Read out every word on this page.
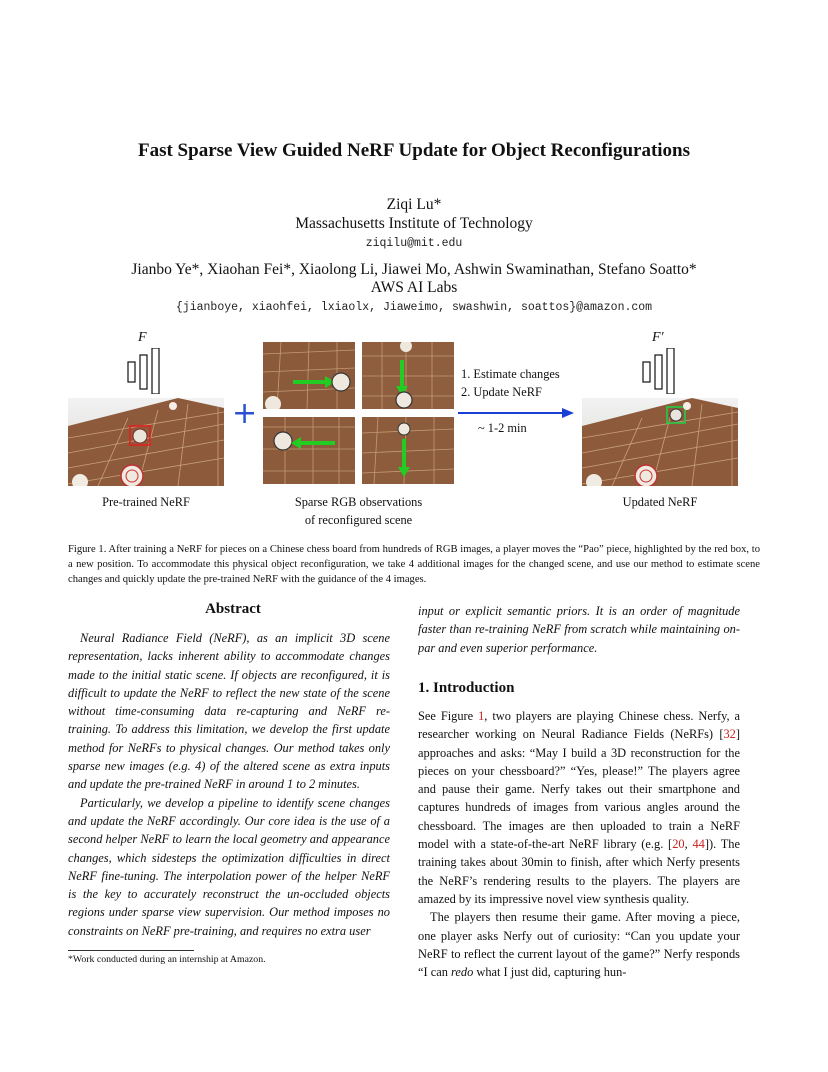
Fast Sparse View Guided NeRF Update for Object Reconfigurations
Ziqi Lu*
Massachusetts Institute of Technology
ziqilu@mit.edu
Jianbo Ye*, Xiaohan Fei*, Xiaolong Li, Jiawei Mo, Ashwin Swaminathan, Stefano Soatto*
AWS AI Labs
{jianboye, xiaohfei, lxiaolx, Jiaweimo, swashwin, soattos}@amazon.com
F
+
1. Estimate changes
2. Update NeRF
~ 1-2 min
F′
Pre-trained NeRF	Sparse RGB observations
of reconfigured scene
Updated NeRF
Figure 1. After training a NeRF for pieces on a Chinese chess board from hundreds of RGB images, a player moves the “Pao” piece, highlighted by the red box, to a new position. To accommodate this physical object reconfiguration, we take 4 additional images for the changed scene, and use our method to estimate scene changes and quickly update the pre-trained NeRF with the guidance of the 4 images.
Abstract

Neural Radiance Field (NeRF), as an implicit 3D scene representation, lacks inherent ability to accommodate changes made to the initial static scene. If objects are reconfigured, it is difficult to update the NeRF to reflect the new state of the scene without time-consuming data re-capturing and NeRF re-training. To address this limitation, we develop the first update method for NeRFs to physical changes. Our method takes only sparse new images (e.g. 4) of the altered scene as extra inputs and update the pre-trained NeRF in around 1 to 2 minutes.

Particularly, we develop a pipeline to identify scene changes and update the NeRF accordingly. Our core idea is the use of a second helper NeRF to learn the local geometry and appearance changes, which sidesteps the optimization difficulties in direct NeRF fine-tuning. The interpolation power of the helper NeRF is the key to accurately reconstruct the un-occluded objects regions under sparse view supervision. Our method imposes no constraints on NeRF pre-training, and requires no extra user

*Work conducted during an internship at Amazon.
input or explicit semantic priors. It is an order of magnitude faster than re-training NeRF from scratch while maintaining on-par and even superior performance.
1. Introduction

See Figure 1, two players are playing Chinese chess. Nerfy, a researcher working on Neural Radiance Fields (NeRFs) [32] approaches and asks: “May I build a 3D reconstruction for the pieces on your chessboard?” “Yes, please!” The players agree and pause their game. Nerfy takes out their smartphone and captures hundreds of images from various angles around the chessboard. The images are then uploaded to train a NeRF model with a state-of-the-art NeRF library (e.g. [20, 44]). The training takes about 30min to finish, after which Nerfy presents the NeRF’s rendering results to the players. The players are amazed by its impressive novel view synthesis quality.

The players then resume their game. After moving a piece, one player asks Nerfy out of curiosity: “Can you update your NeRF to reflect the current layout of the game?” Nerfy responds “I can redo what I just did, capturing hun-
